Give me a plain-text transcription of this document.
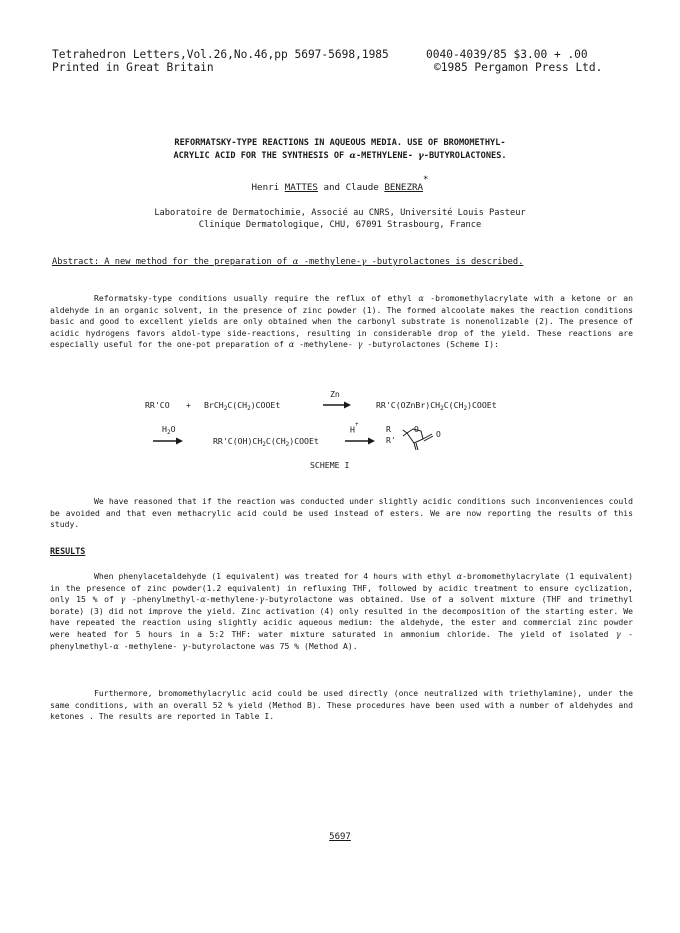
Tetrahedron Letters,Vol.26,No.46,pp 5697-5698,1985	0040-4039/85 $3.00 + .00
Printed in Great Britain	©1985 Pergamon Press Ltd.
REFORMATSKY-TYPE REACTIONS IN AQUEOUS MEDIA. USE OF BROMOMETHYL-
ACRYLIC ACID FOR THE SYNTHESIS OF α-METHYLENE- γ-BUTYROLACTONES.
Henri MATTES and Claude BENEZRA*
Laboratoire de Dermatochimie, Associé au CNRS, Université Louis Pasteur
Clinique Dermatologique, CHU, 67091 Strasbourg, France
Abstract: A new method for the preparation of α -methylene-γ -butyrolactones is described.
Reformatsky-type conditions usually require the reflux of ethyl α -bromomethylacrylate with a ketone or an aldehyde in an organic solvent, in the presence of zinc powder (1). The formed alcoolate makes the reaction conditions basic and good to excellent yields are only obtained when the carbonyl substrate is nonenolizable (2). The presence of acidic hydrogens favors aldol-type side-reactions, resulting in considerable drop of the yield. These reactions are especially useful for the one-pot preparation of α -methylene- γ -butyrolactones (Scheme I):
$RR'CO + BrCH_2C(CH_2)COOEt$
Zn
→	$RR'C(OZnBr)CH_2C(CH_2)COOEt$
$H_2O$
$RR'C(OH)CH_2C(CH_2)COOEt$
H+
R
R'
O
O
SCHEME I
We have reasoned that if the reaction was conducted under slightly acidic conditions such inconveniences could be avoided and that even methacrylic acid could be used instead of esters. We are now reporting the results of this study.
RESULTS
When phenylacetaldehyde (1 equivalent) was treated for 4 hours with ethyl α-bromomethylacrylate (1 equivalent) in the presence of zinc powder(1.2 equivalent) in refluxing THF, followed by acidic treatment to ensure cyclization, only 15 % of γ -phenylmethyl-α-methylene-γ-butyrolactone was obtained. Use of a solvent mixture (THF and trimethyl borate) (3) did not improve the yield. Zinc activation (4) only resulted in the decomposition of the starting ester. We have repeated the reaction using slightly acidic aqueous medium: the aldehyde, the ester and commercial zinc powder were heated for 5 hours in a 5:2 THF: water mixture saturated in ammonium chloride. The yield of isolated γ -phenylmethyl-α -methylene- γ-butyrolactone was 75 % (Method A).
Furthermore, bromomethylacrylic acid could be used directly (once neutralized with triethylamine), under the same conditions, with an overall 52 % yield (Method B). These procedures have been used with a number of aldehydes and ketones . The results are reported in Table I.
5697
